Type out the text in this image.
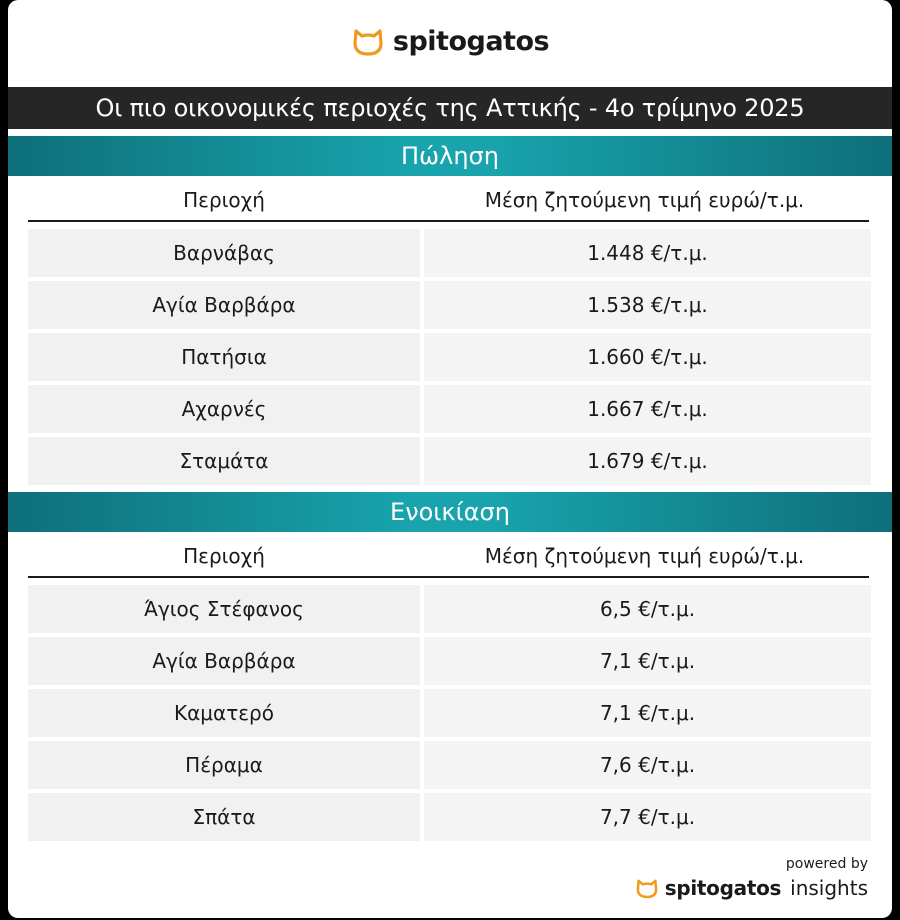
spitogatos
Οι πιο οικονομικές περιοχές της Αττικής - 4ο τρίμηνο 2025
Πώληση
Περιοχή	Μέση ζητούμενη τιμή ευρώ/τ.μ.
Βαρνάβας	1.448 €/τ.μ.
Αγία Βαρβάρα	1.538 €/τ.μ.
Πατήσια	1.660 €/τ.μ.
Αχαρνές	1.667 €/τ.μ.
Σταμάτα	1.679 €/τ.μ.
Ενοικίαση
Περιοχή	Μέση ζητούμενη τιμή ευρώ/τ.μ.
Άγιος Στέφανος	6,5 €/τ.μ.
Αγία Βαρβάρα	7,1 €/τ.μ.
Καματερό	7,1 €/τ.μ.
Πέραμα	7,6 €/τ.μ.
Σπάτα	7,7 €/τ.μ.
powered by
spitogatos insights
